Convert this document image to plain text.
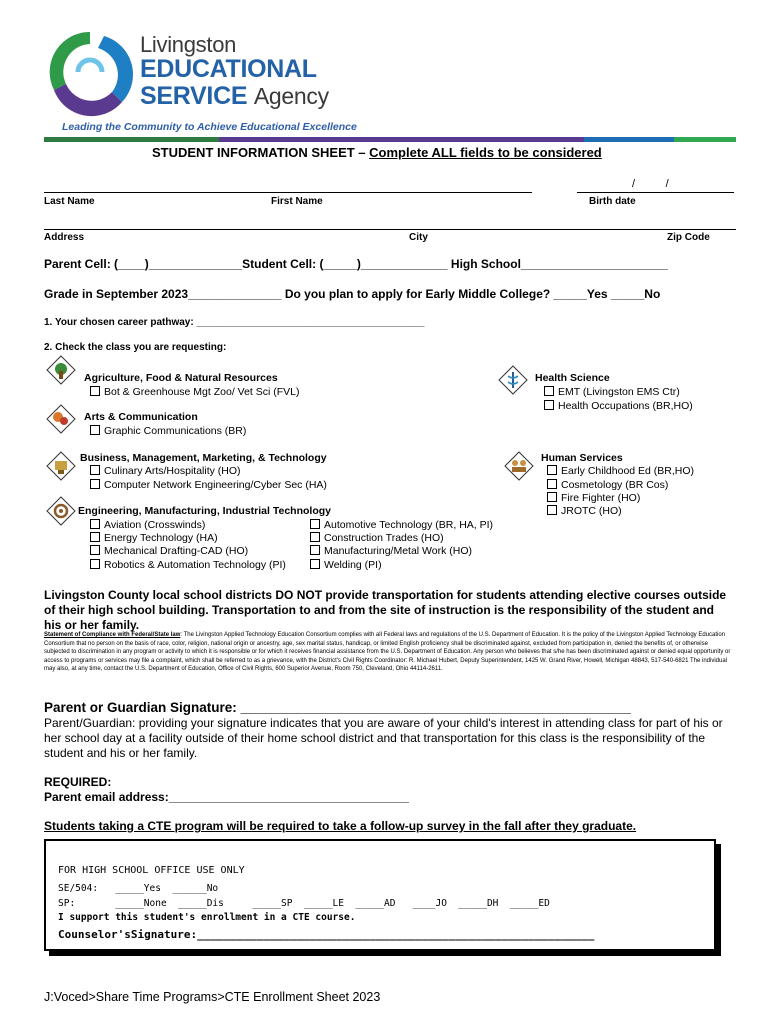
Livingston
EDUCATIONAL
SERVICE Agency
Leading the Community to Achieve Educational Excellence
STUDENT INFORMATION SHEET – Complete ALL fields to be considered
/          /
Last Name	First Name	Birth date
Address	City	Zip Code
Parent Cell: (____)______________Student Cell: (_____)_____________ High School______________________
Grade in September 2023______________ Do you plan to apply for Early Middle College? _____Yes _____No
1. Your chosen career pathway: _________________________________________
2. Check the class you are requesting:
Agriculture, Food & Natural Resources
Bot & Greenhouse Mgt Zoo/ Vet Sci (FVL)
Arts & Communication
Graphic Communications (BR)
Business, Management, Marketing, & Technology
Culinary Arts/Hospitality (HO)
Computer Network Engineering/Cyber Sec (HA)
Engineering, Manufacturing, Industrial Technology
Aviation (Crosswinds)
Energy Technology (HA)
Mechanical Drafting-CAD (HO)
Robotics & Automation Technology (PI)
Automotive Technology (BR, HA, PI)
Construction Trades (HO)
Manufacturing/Metal Work (HO)
Welding (PI)
Health Science
EMT (Livingston EMS Ctr)
Health Occupations (BR,HO)
Human Services
Early Childhood Ed (BR,HO)
Cosmetology (BR Cos)
Fire Fighter (HO)
JROTC (HO)
Livingston County local school districts DO NOT provide transportation for students attending elective courses outside of their high school building. Transportation to and from the site of instruction is the responsibility of the student and his or her family.
Statement of Compliance with Federal/State law: The Livingston Applied Technology Education Consortium complies with all Federal laws and regulations of the U.S. Department of Education. It is the policy of the Livingston Applied Technology Education Consortium that no person on the basis of race, color, religion, national origin or ancestry, age, sex marital status, handicap, or limited English proficiency shall be discriminated against, excluded from participation in, denied the benefits of, or otherwise subjected to discrimination in any program or activity to which it is responsible or for which it receives financial assistance from the U.S. Department of Education. Any person who believes that s/he has been discriminated against or denied equal opportunity or access to programs or services may file a complaint, which shall be referred to as a grievance, with the District's Civil Rights Coordinator: R. Michael Hubert, Deputy Superintendent, 1425 W. Grand River, Howell, Michigan 48843, 517-540-6821 The individual may also, at any time, contact the U.S. Department of Education, Office of Civil Rights, 600 Superior Avenue, Room 750, Cleveland, Ohio 44114-2611.
Parent or Guardian Signature: ____________________________________________________
Parent/Guardian: providing your signature indicates that you are aware of your child's interest in attending class for part of his or her school day at a facility outside of their home school district and that transportation for this class is the responsibility of the student and his or her family.
REQUIRED:
Parent email address:____________________________________
Students taking a CTE program will be required to take a follow-up survey in the fall after they graduate.
FOR HIGH SCHOOL OFFICE USE ONLY
SE/504:   _____Yes  ______No
SP:       _____None  _____Dis     _____SP  _____LE  _____AD   ____JO  _____DH  _____ED
I support this student's enrollment in a CTE course.
Counselor'sSignature:____________________________________________________________
J:Voced>Share Time Programs>CTE Enrollment Sheet 2023
